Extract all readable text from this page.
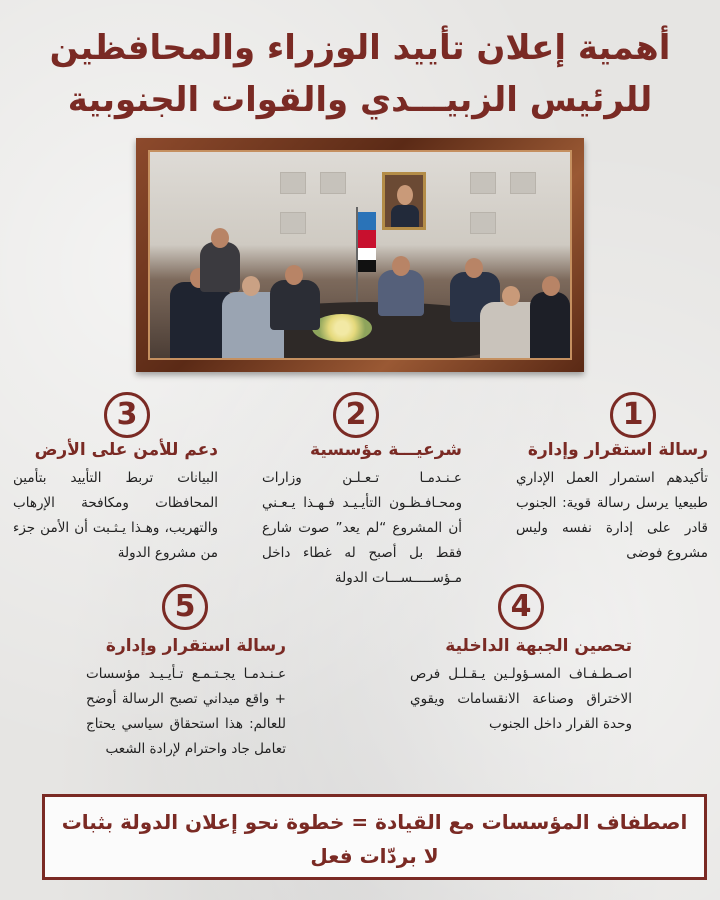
أهمية إعلان تأييد الوزراء والمحافظين
للرئيس الزبيـــدي والقوات الجنوبية
1
رسالة استقرار وإدارة
تأكيدهم استمرار العمل الإداري طبيعيا يرسل رسالة قوية: الجنوب قادر على إدارة نفسه وليس مشروع فوضى
2
شرعيـــة مؤسسية
عـنـدمـا تـعـلـن وزارات ومحـافـظـون التأيـيـد فـهـذا يـعـني أن المشروع “لم يعد” صوت شارع فقط بل أصبح له غطاء داخل مـؤســـــســـات الدولة
3
دعم للأمن على الأرض
البيانات تربط التأييد بتأمين المحافظات ومكافحة الإرهاب والتهريب، وهـذا يـثـبت أن الأمن جزء من مشروع الدولة
4
تحصين الجبهة الداخلية
اصـطـفـاف المسـؤولـين يـقـلـل فرص الاختراق وصناعة الانقسامات ويقوي وحدة القرار داخل الجنوب
5
رسالة استقرار وإدارة
عـنـدمـا يجـتـمـع تـأيـيـد مؤسسات + واقع ميداني تصبح الرسالة أوضح للعالم: هذا استحقاق سياسي يحتاج تعامل جاد واحترام لإرادة الشعب
اصطفاف المؤسسات مع القيادة = خطوة نحو إعلان الدولة بثبات
لا بردّات فعل
